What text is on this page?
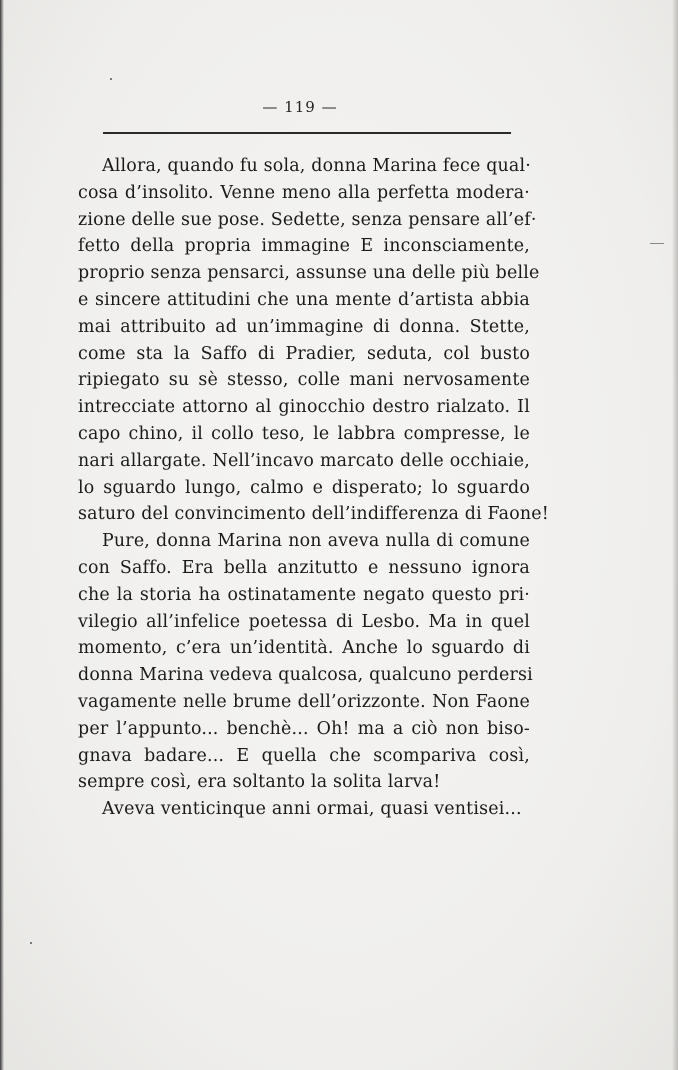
— 119 —
Allora, quando fu sola, donna Marina fece qual·
cosa d’insolito. Venne meno alla perfetta modera·
zione delle sue pose. Sedette, senza pensare all’ef·
fetto della propria immagine E inconsciamente,
proprio senza pensarci, assunse una delle più belle
e sincere attitudini che una mente d’artista abbia
mai attribuito ad un’immagine di donna. Stette,
come sta la Saffo di Pradier, seduta, col busto
ripiegato su sè stesso, colle mani nervosamente
intrecciate attorno al ginocchio destro rialzato. Il
capo chino, il collo teso, le labbra compresse, le
nari allargate. Nell’incavo marcato delle occhiaie,
lo sguardo lungo, calmo e disperato; lo sguardo
saturo del convincimento dell’indifferenza di Faone!
Pure, donna Marina non aveva nulla di comune
con Saffo. Era bella anzitutto e nessuno ignora
che la storia ha ostinatamente negato questo pri·
vilegio all’infelice poetessa di Lesbo. Ma in quel
momento, c’era un’identità. Anche lo sguardo di
donna Marina vedeva qualcosa, qualcuno perdersi
vagamente nelle brume dell’orizzonte. Non Faone
per l’appunto... benchè... Oh! ma a ciò non biso-
gnava badare... E quella che scompariva così,
sempre così, era soltanto la solita larva!
Aveva venticinque anni ormai, quasi ventisei...
